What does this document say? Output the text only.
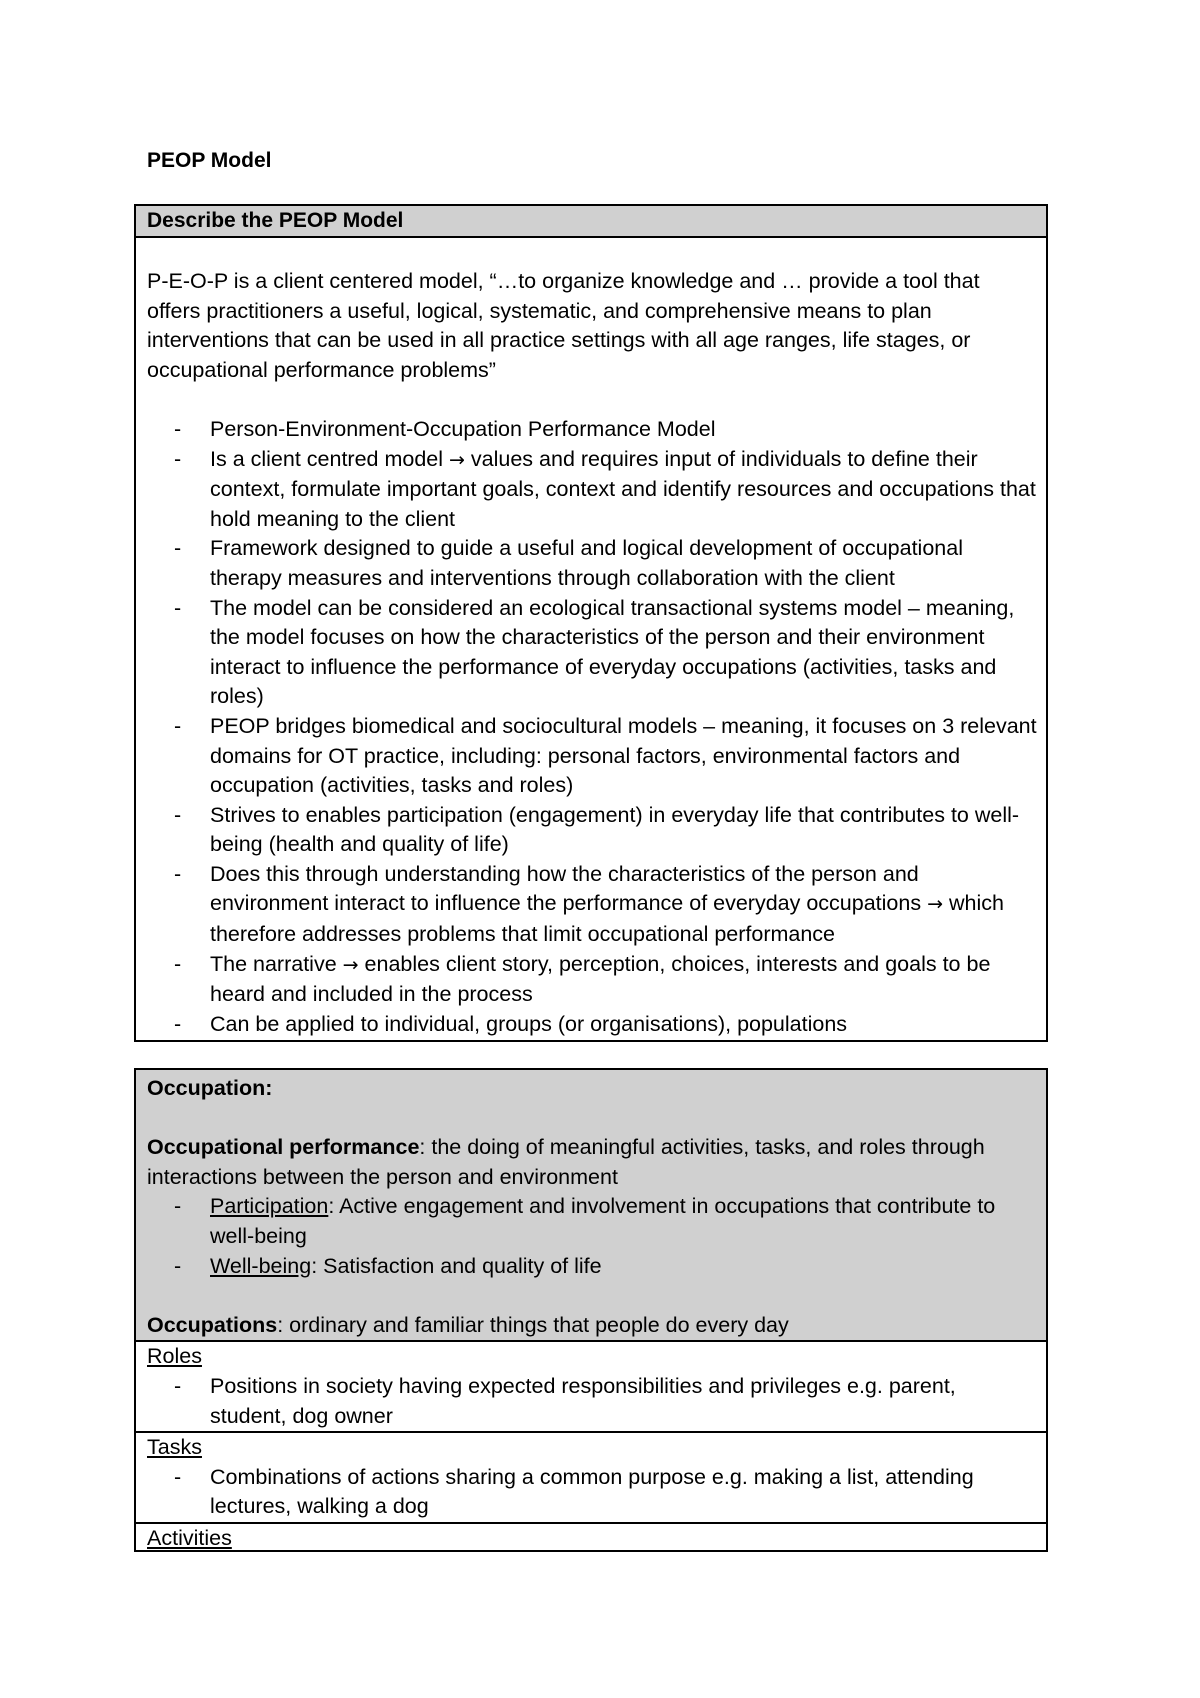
PEOP Model
Describe the PEOP Model

P-E-O-P is a client centered model, “…to organize knowledge and … provide a tool that offers practitioners a useful, logical, systematic, and comprehensive means to plan interventions that can be used in all practice settings with all age ranges, life stages, or occupational performance problems”

- Person-Environment-Occupation Performance Model
- Is a client centred model → values and requires input of individuals to define their context, formulate important goals, context and identify resources and occupations that hold meaning to the client
- Framework designed to guide a useful and logical development of occupational therapy measures and interventions through collaboration with the client
- The model can be considered an ecological transactional systems model – meaning, the model focuses on how the characteristics of the person and their environment interact to influence the performance of everyday occupations (activities, tasks and roles)
- PEOP bridges biomedical and sociocultural models – meaning, it focuses on 3 relevant domains for OT practice, including: personal factors, environmental factors and occupation (activities, tasks and roles)
- Strives to enables participation (engagement) in everyday life that contributes to well-being (health and quality of life)
- Does this through understanding how the characteristics of the person and environment interact to influence the performance of everyday occupations → which therefore addresses problems that limit occupational performance
- The narrative → enables client story, perception, choices, interests and goals to be heard and included in the process
- Can be applied to individual, groups (or organisations), populations
Occupation:

Occupational performance: the doing of meaningful activities, tasks, and roles through interactions between the person and environment

- Participation: Active engagement and involvement in occupations that contribute to well-being
- Well-being: Satisfaction and quality of life

Occupations: ordinary and familiar things that people do every day

Roles
- Positions in society having expected responsibilities and privileges e.g. parent, student, dog owner
Tasks
- Combinations of actions sharing a common purpose e.g. making a list, attending lectures, walking a dog
Activities
